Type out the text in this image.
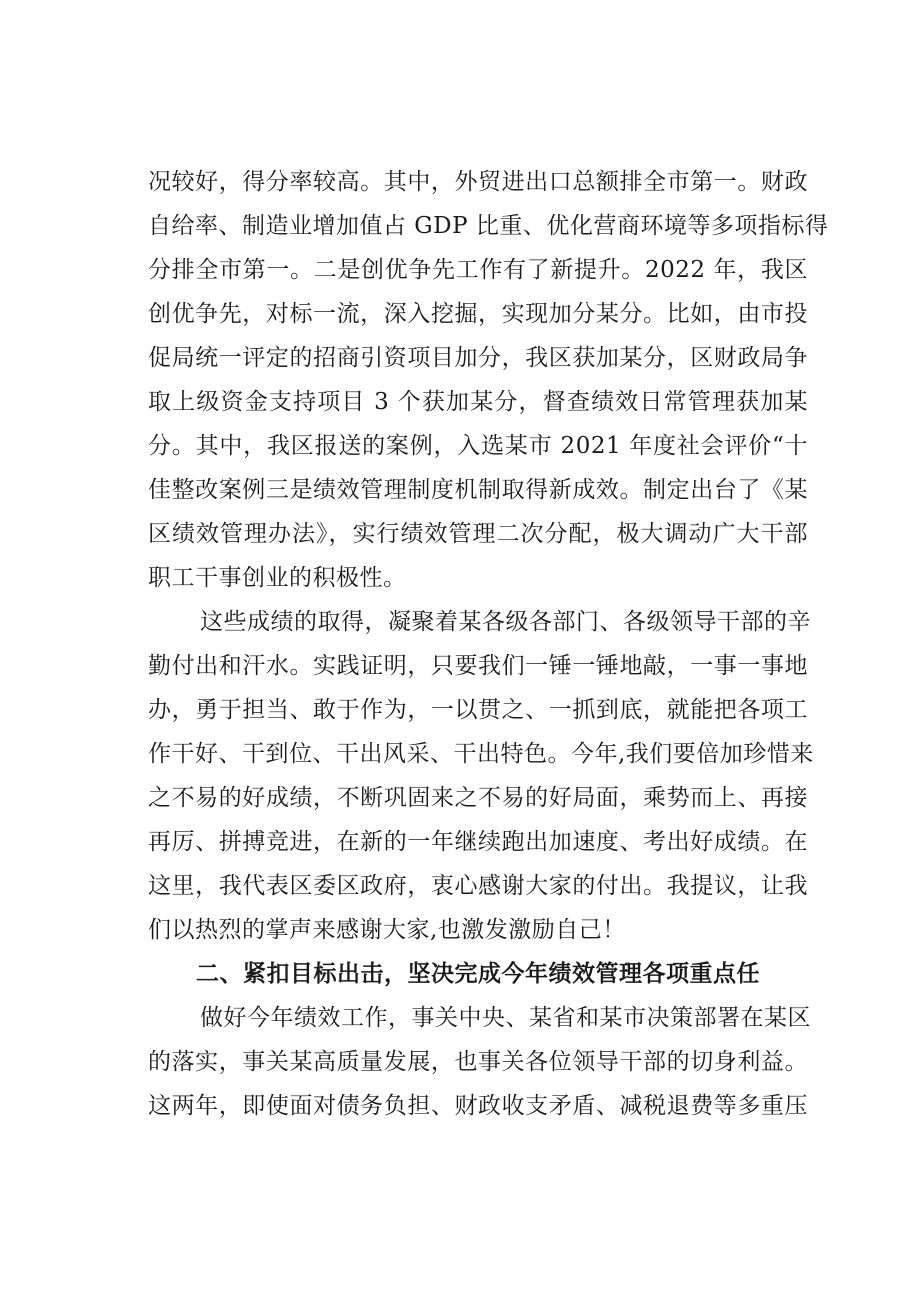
况较好，得分率较高。其中，外贸进出口总额排全市第一。财政
自给率、制造业增加值占 GDP 比重、优化营商环境等多项指标得
分排全市第一。二是创优争先工作有了新提升。2022 年，我区
创优争先，对标一流，深入挖掘，实现加分某分。比如，由市投
促局统一评定的招商引资项目加分，我区获加某分，区财政局争
取上级资金支持项目 3 个获加某分，督查绩效日常管理获加某
分。其中，我区报送的案例，入选某市 2021 年度社会评价“十
佳整改案例三是绩效管理制度机制取得新成效。制定出台了《某
区绩效管理办法》，实行绩效管理二次分配，极大调动广大干部
职工干事创业的积极性。
这些成绩的取得，凝聚着某各级各部门、各级领导干部的辛
勤付出和汗水。实践证明，只要我们一锤一锤地敲，一事一事地
办，勇于担当、敢于作为，一以贯之、一抓到底，就能把各项工
作干好、干到位、干出风采、干出特色。今年,我们要倍加珍惜来
之不易的好成绩，不断巩固来之不易的好局面，乘势而上、再接
再厉、拼搏竞进，在新的一年继续跑出加速度、考出好成绩。在
这里，我代表区委区政府，衷心感谢大家的付出。我提议，让我
们以热烈的掌声来感谢大家,也激发激励自己！
二、紧扣目标出击，坚决完成今年绩效管理各项重点任
做好今年绩效工作，事关中央、某省和某市决策部署在某区
的落实，事关某高质量发展，也事关各位领导干部的切身利益。
这两年，即使面对债务负担、财政收支矛盾、减税退费等多重压
